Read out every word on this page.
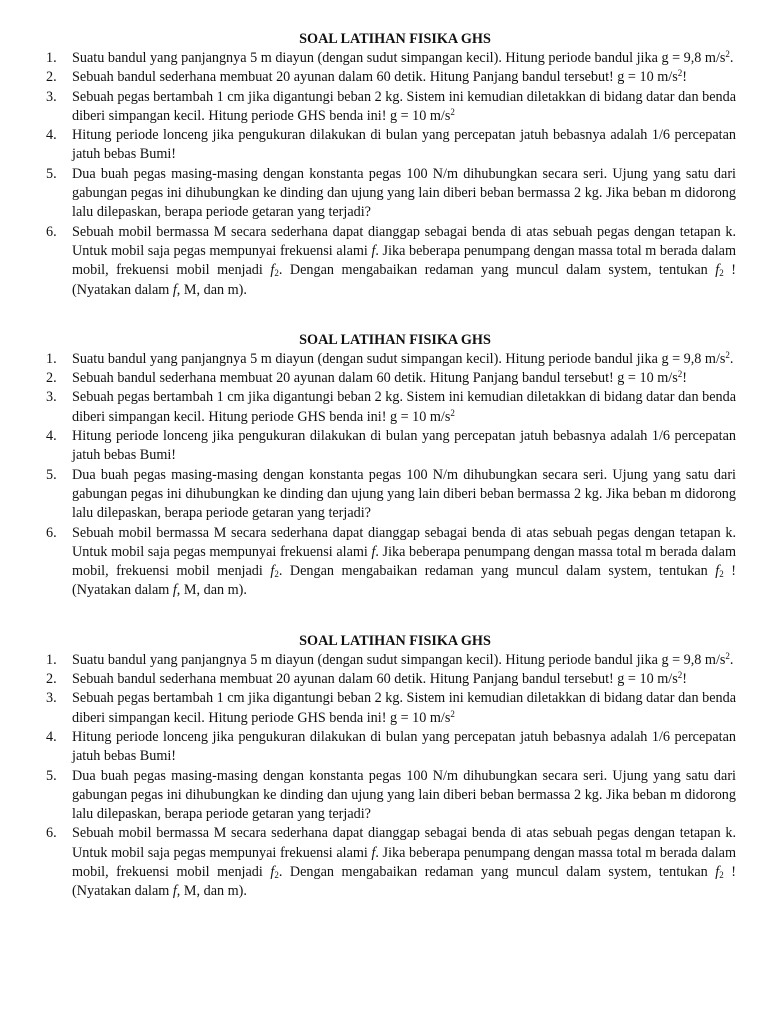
SOAL LATIHAN FISIKA GHS
1. Suatu bandul yang panjangnya 5 m diayun (dengan sudut simpangan kecil). Hitung periode bandul jika g = 9,8 $m/s^2$.
2. Sebuah bandul sederhana membuat 20 ayunan dalam 60 detik. Hitung Panjang bandul tersebut! g = 10 $m/s^2$!
3. Sebuah pegas bertambah 1 cm jika digantungi beban 2 kg. Sistem ini kemudian diletakkan di bidang datar dan benda diberi simpangan kecil. Hitung periode GHS benda ini! g = 10 $m/s^2$
4. Hitung periode lonceng jika pengukuran dilakukan di bulan yang percepatan jatuh bebasnya adalah 1/6 percepatan jatuh bebas Bumi!
5. Dua buah pegas masing-masing dengan konstanta pegas 100 N/m dihubungkan secara seri. Ujung yang satu dari gabungan pegas ini dihubungkan ke dinding dan ujung yang lain diberi beban bermassa 2 kg. Jika beban m didorong lalu dilepaskan, berapa periode getaran yang terjadi?
6. Sebuah mobil bermassa M secara sederhana dapat dianggap sebagai benda di atas sebuah pegas dengan tetapan k. Untuk mobil saja pegas mempunyai frekuensi alami f. Jika beberapa penumpang dengan massa total m berada dalam mobil, frekuensi mobil menjadi $f_2$. Dengan mengabaikan redaman yang muncul dalam system, tentukan $f_2$ ! (Nyatakan dalam f, M, dan m).
SOAL LATIHAN FISIKA GHS
1. Suatu bandul yang panjangnya 5 m diayun (dengan sudut simpangan kecil). Hitung periode bandul jika g = 9,8 $m/s^2$.
2. Sebuah bandul sederhana membuat 20 ayunan dalam 60 detik. Hitung Panjang bandul tersebut! g = 10 $m/s^2$!
3. Sebuah pegas bertambah 1 cm jika digantungi beban 2 kg. Sistem ini kemudian diletakkan di bidang datar dan benda diberi simpangan kecil. Hitung periode GHS benda ini! g = 10 $m/s^2$
4. Hitung periode lonceng jika pengukuran dilakukan di bulan yang percepatan jatuh bebasnya adalah 1/6 percepatan jatuh bebas Bumi!
5. Dua buah pegas masing-masing dengan konstanta pegas 100 N/m dihubungkan secara seri. Ujung yang satu dari gabungan pegas ini dihubungkan ke dinding dan ujung yang lain diberi beban bermassa 2 kg. Jika beban m didorong lalu dilepaskan, berapa periode getaran yang terjadi?
6. Sebuah mobil bermassa M secara sederhana dapat dianggap sebagai benda di atas sebuah pegas dengan tetapan k. Untuk mobil saja pegas mempunyai frekuensi alami f. Jika beberapa penumpang dengan massa total m berada dalam mobil, frekuensi mobil menjadi $f_2$. Dengan mengabaikan redaman yang muncul dalam system, tentukan $f_2$ ! (Nyatakan dalam f, M, dan m).
SOAL LATIHAN FISIKA GHS
1. Suatu bandul yang panjangnya 5 m diayun (dengan sudut simpangan kecil). Hitung periode bandul jika g = 9,8 $m/s^2$.
2. Sebuah bandul sederhana membuat 20 ayunan dalam 60 detik. Hitung Panjang bandul tersebut! g = 10 $m/s^2$!
3. Sebuah pegas bertambah 1 cm jika digantungi beban 2 kg. Sistem ini kemudian diletakkan di bidang datar dan benda diberi simpangan kecil. Hitung periode GHS benda ini! g = 10 $m/s^2$
4. Hitung periode lonceng jika pengukuran dilakukan di bulan yang percepatan jatuh bebasnya adalah 1/6 percepatan jatuh bebas Bumi!
5. Dua buah pegas masing-masing dengan konstanta pegas 100 N/m dihubungkan secara seri. Ujung yang satu dari gabungan pegas ini dihubungkan ke dinding dan ujung yang lain diberi beban bermassa 2 kg. Jika beban m didorong lalu dilepaskan, berapa periode getaran yang terjadi?
6. Sebuah mobil bermassa M secara sederhana dapat dianggap sebagai benda di atas sebuah pegas dengan tetapan k. Untuk mobil saja pegas mempunyai frekuensi alami f. Jika beberapa penumpang dengan massa total m berada dalam mobil, frekuensi mobil menjadi $f_2$. Dengan mengabaikan redaman yang muncul dalam system, tentukan $f_2$ ! (Nyatakan dalam f, M, dan m).
